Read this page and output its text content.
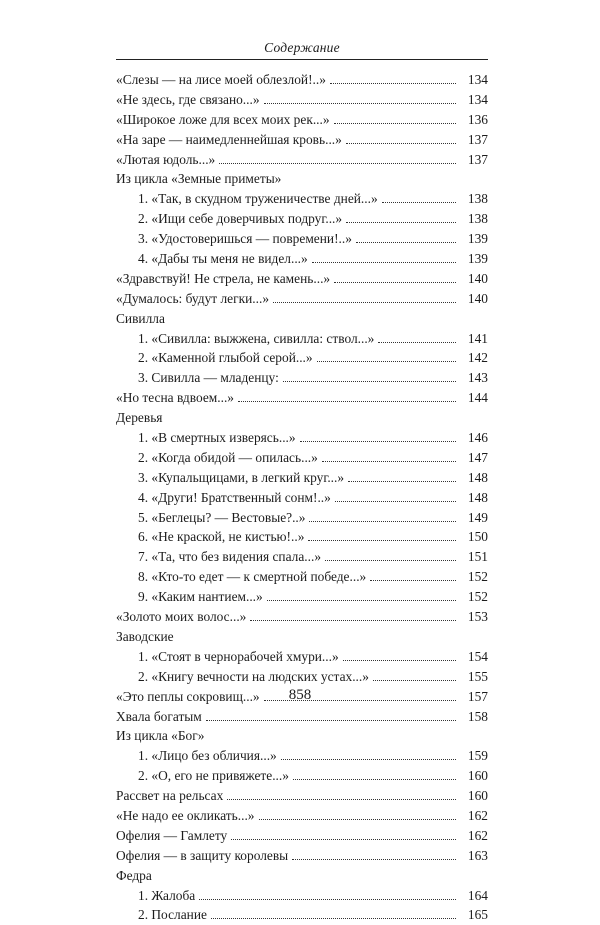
Содержание
«Слезы — на лисе моей облезлой!..»	134
«Не здесь, где связано...»	134
«Широкое ложе для всех моих рек...»	136
«На заре — наимедленнейшая кровь...»	137
«Лютая юдоль...»	137
Из цикла «Земные приметы»
1. «Так, в скудном труженичестве дней...»	138
2. «Ищи себе доверчивых подруг...»	138
3. «Удостоверишься — повремени!..»	139
4. «Дабы ты меня не видел...»	139
«Здравствуй! Не стрела, не камень...»	140
«Думалось: будут легки...»	140
Сивилла
1. «Сивилла: выжжена, сивилла: ствол...»	141
2. «Каменной глыбой серой...»	142
3. Сивилла — младенцу:	143
«Но тесна вдвоем...»	144
Деревья
1. «В смертных изверясь...»	146
2. «Когда обидой — опилась...»	147
3. «Купальщицами, в легкий круг...»	148
4. «Други! Братственный сонм!..»	148
5. «Беглецы? — Вестовые?..»	149
6. «Не краской, не кистью!..»	150
7. «Та, что без видения спала...»	151
8. «Кто-то едет — к смертной победе...»	152
9. «Каким нантием...»	152
«Золото моих волос...»	153
Заводские
1. «Стоят в чернорабочей хмури...»	154
2. «Книгу вечности на людских устах...»	155
«Это пеплы сокровищ...»	157
Хвала богатым	158
Из цикла «Бог»
1. «Лицо без обличия...»	159
2. «О, его не привяжете...»	160
Рассвет на рельсах	160
«Не надо ее окликать...»	162
Офелия — Гамлету	162
Офелия — в защиту королевы	163
Федра
1. Жалоба	164
2. Послание	165
858
